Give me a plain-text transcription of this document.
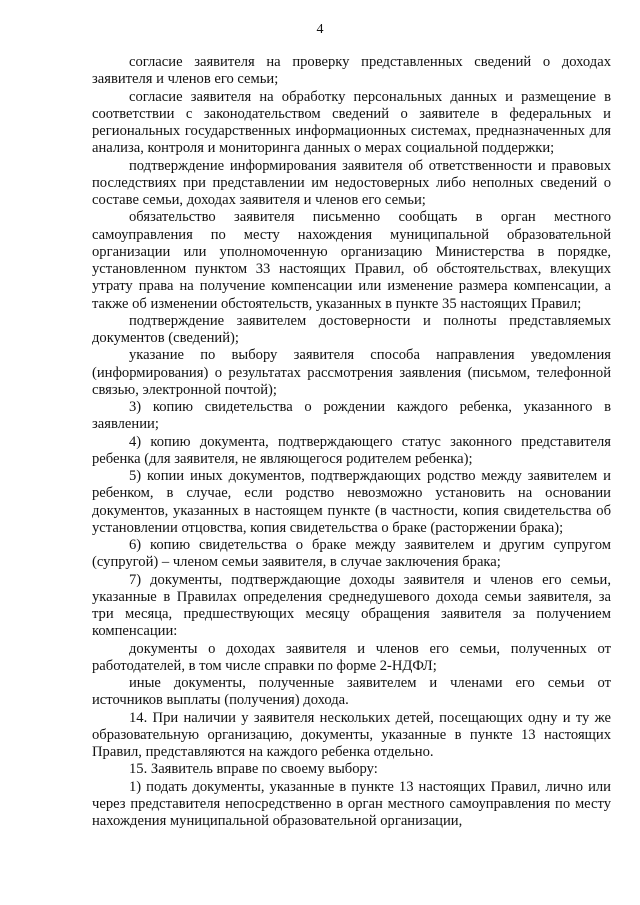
4

согласие заявителя на проверку представленных сведений о доходах заявителя и членов его семьи;

согласие заявителя на обработку персональных данных и размещение в соответствии с законодательством сведений о заявителе в федеральных и региональных государственных информационных системах, предназначенных для анализа, контроля и мониторинга данных о мерах социальной поддержки;

подтверждение информирования заявителя об ответственности и правовых последствиях при представлении им недостоверных либо неполных сведений о составе семьи, доходах заявителя и членов его семьи;

обязательство заявителя письменно сообщать в орган местного самоуправления по месту нахождения муниципальной образовательной организации или уполномоченную организацию Министерства в порядке, установленном пунктом 33 настоящих Правил, об обстоятельствах, влекущих утрату права на получение компенсации или изменение размера компенсации, а также об изменении обстоятельств, указанных в пункте 35 настоящих Правил;

подтверждение заявителем достоверности и полноты представляемых документов (сведений);

указание по выбору заявителя способа направления уведомления (информирования) о результатах рассмотрения заявления (письмом, телефонной связью, электронной почтой);

3) копию свидетельства о рождении каждого ребенка, указанного в заявлении;

4) копию документа, подтверждающего статус законного представителя ребенка (для заявителя, не являющегося родителем ребенка);

5) копии иных документов, подтверждающих родство между заявителем и ребенком, в случае, если родство невозможно установить на основании документов, указанных в настоящем пункте (в частности, копия свидетельства об установлении отцовства, копия свидетельства о браке (расторжении брака);

6) копию свидетельства о браке между заявителем и другим супругом (супругой) – членом семьи заявителя, в случае заключения брака;

7) документы, подтверждающие доходы заявителя и членов его семьи, указанные в Правилах определения среднедушевого дохода семьи заявителя, за три месяца, предшествующих месяцу обращения заявителя за получением компенсации:

документы о доходах заявителя и членов его семьи, полученных от работодателей, в том числе справки по форме 2-НДФЛ;

иные документы, полученные заявителем и членами его семьи от источников выплаты (получения) дохода.

14. При наличии у заявителя нескольких детей, посещающих одну и ту же образовательную организацию, документы, указанные в пункте 13 настоящих Правил, представляются на каждого ребенка отдельно.

15. Заявитель вправе по своему выбору:

1) подать документы, указанные в пункте 13 настоящих Правил, лично или через представителя непосредственно в орган местного самоуправления по месту нахождения муниципальной образовательной организации,
